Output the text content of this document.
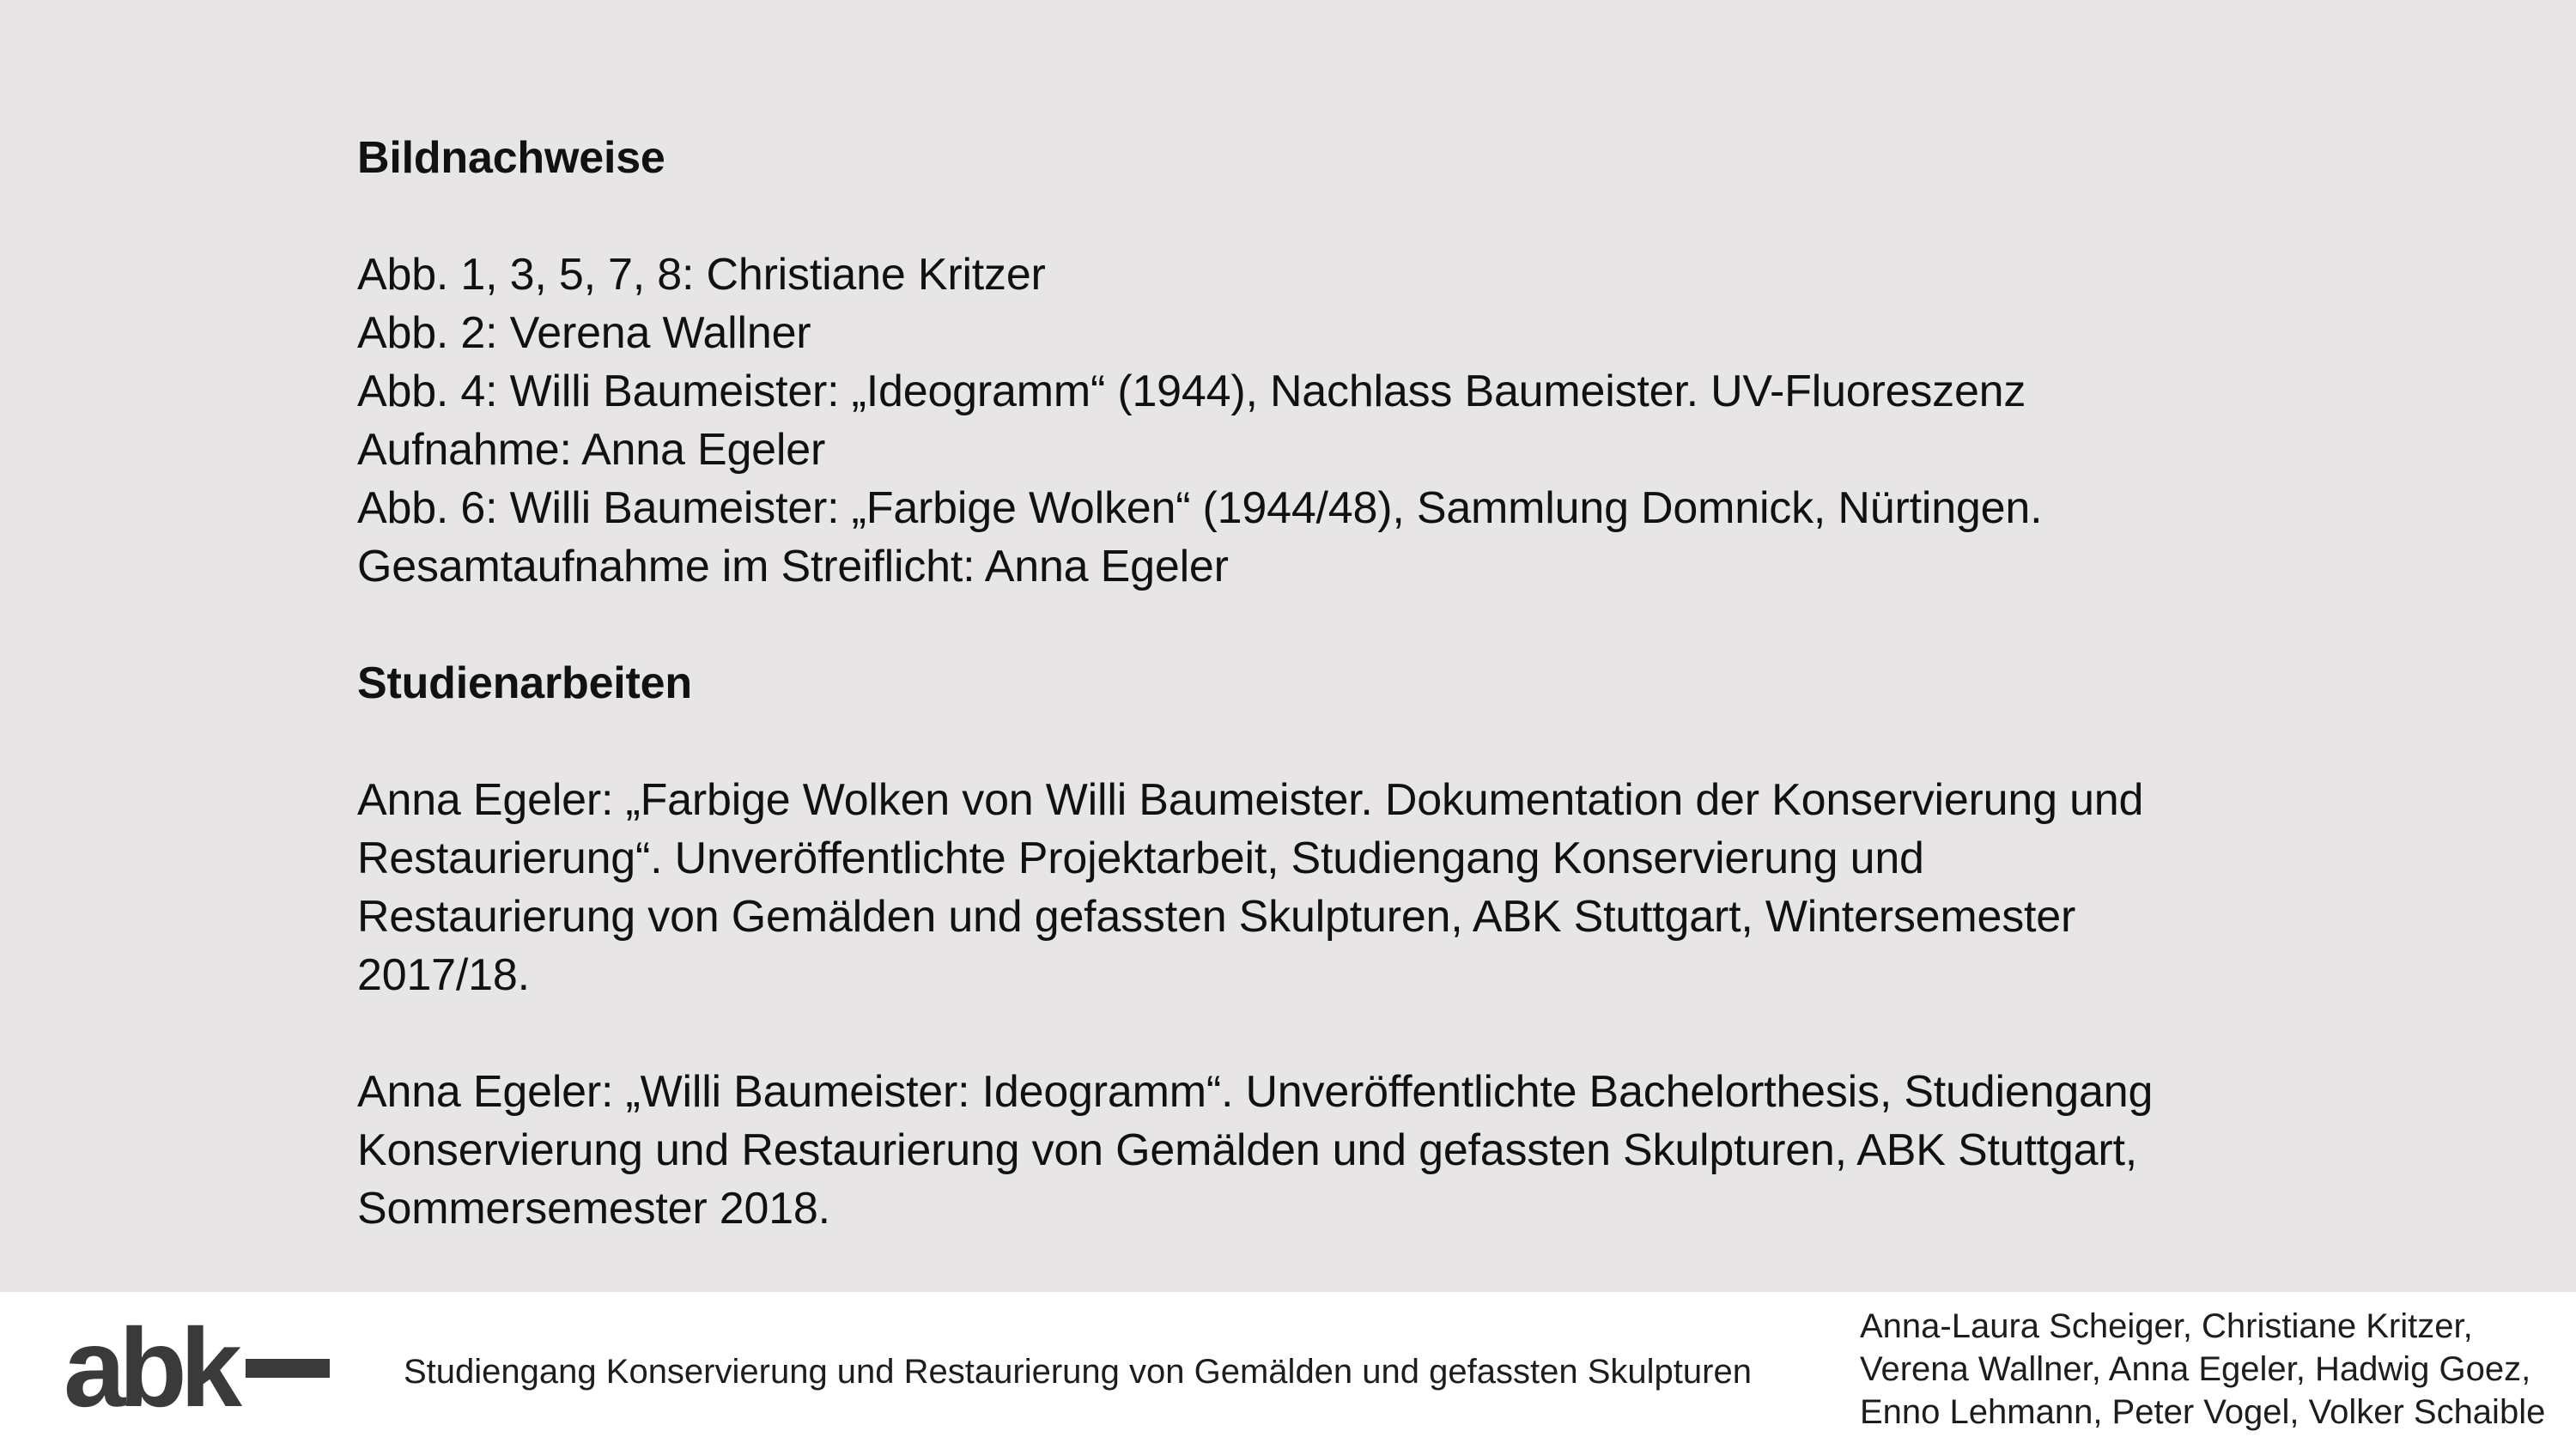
Bildnachweise
Abb. 1, 3, 5, 7, 8: Christiane Kritzer
Abb. 2: Verena Wallner
Abb. 4: Willi Baumeister: „Ideogramm“ (1944), Nachlass Baumeister. UV-Fluoreszenz
Aufnahme: Anna Egeler
Abb. 6: Willi Baumeister: „Farbige Wolken“ (1944/48), Sammlung Domnick, Nürtingen.
Gesamtaufnahme im Streiflicht: Anna Egeler
Studienarbeiten
Anna Egeler: „Farbige Wolken von Willi Baumeister. Dokumentation der Konservierung und
Restaurierung“. Unveröffentlichte Projektarbeit, Studiengang Konservierung und
Restaurierung von Gemälden und gefassten Skulpturen, ABK Stuttgart, Wintersemester
2017/18.
Anna Egeler: „Willi Baumeister: Ideogramm“. Unveröffentlichte Bachelorthesis, Studiengang
Konservierung und Restaurierung von Gemälden und gefassten Skulpturen, ABK Stuttgart,
Sommersemester 2018.
abk	Studiengang Konservierung und Restaurierung von Gemälden und gefassten Skulpturen
Anna-Laura Scheiger, Christiane Kritzer,
Verena Wallner, Anna Egeler, Hadwig Goez,
Enno Lehmann, Peter Vogel, Volker Schaible
